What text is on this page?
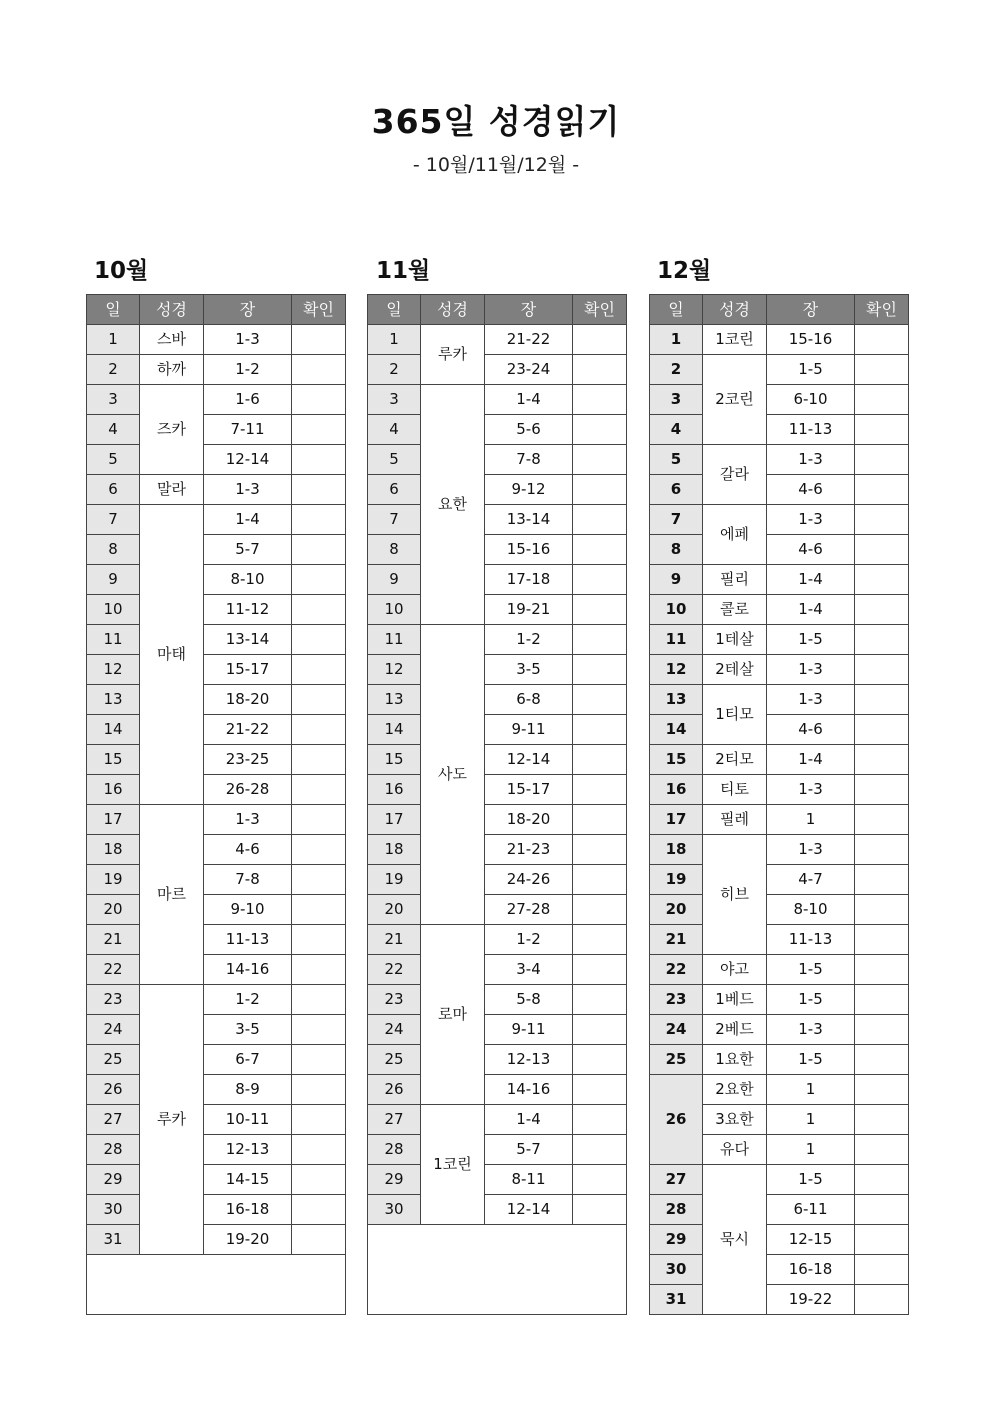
365일 성경읽기
- 10월/11월/12월 -
10월	11월	12월
일	성경	장	확인
1	스바	1-3	
2	하까	1-2	
3	즈카	1-6	
4		7-11	
5		12-14	
6	말라	1-3	
7	마태	1-4	
8		5-7	
9		8-10	
10		11-12	
11		13-14	
12		15-17	
13		18-20	
14		21-22	
15		23-25	
16		26-28	
17	마르	1-3	
18		4-6	
19		7-8	
20		9-10	
21		11-13	
22		14-16	
23	루카	1-2	
24		3-5	
25		6-7	
26		8-9	
27		10-11	
28		12-13	
29		14-15	
30		16-18	
31		19-20	

일	성경	장	확인
1	루카	21-22	
2		23-24	
3	요한	1-4	
4		5-6	
5		7-8	
6		9-12	
7		13-14	
8		15-16	
9		17-18	
10		19-21	
11	사도	1-2	
12		3-5	
13		6-8	
14		9-11	
15		12-14	
16		15-17	
17		18-20	
18		21-23	
19		24-26	
20		27-28	
21	로마	1-2	
22		3-4	
23		5-8	
24		9-11	
25		12-13	
26		14-16	
27	1코린	1-4	
28		5-7	
29		8-11	
30		12-14	

일	성경	장	확인
1	1코린	15-16	
2	2코린	1-5	
3		6-10	
4		11-13	
5	갈라	1-3	
6		4-6	
7	에페	1-3	
8		4-6	
9	필리	1-4	
10	콜로	1-4	
11	1테살	1-5	
12	2테살	1-3	
13	1티모	1-3	
14		4-6	
15	2티모	1-4	
16	티토	1-3	
17	필레	1	
18	히브	1-3	
19		4-7	
20		8-10	
21		11-13	
22	야고	1-5	
23	1베드	1-5	
24	2베드	1-3	
25	1요한	1-5	
26	2요한	1	
	3요한	1	
	유다	1	
27	묵시	1-5	
28		6-11	
29		12-15	
30		16-18	
31		19-22	
